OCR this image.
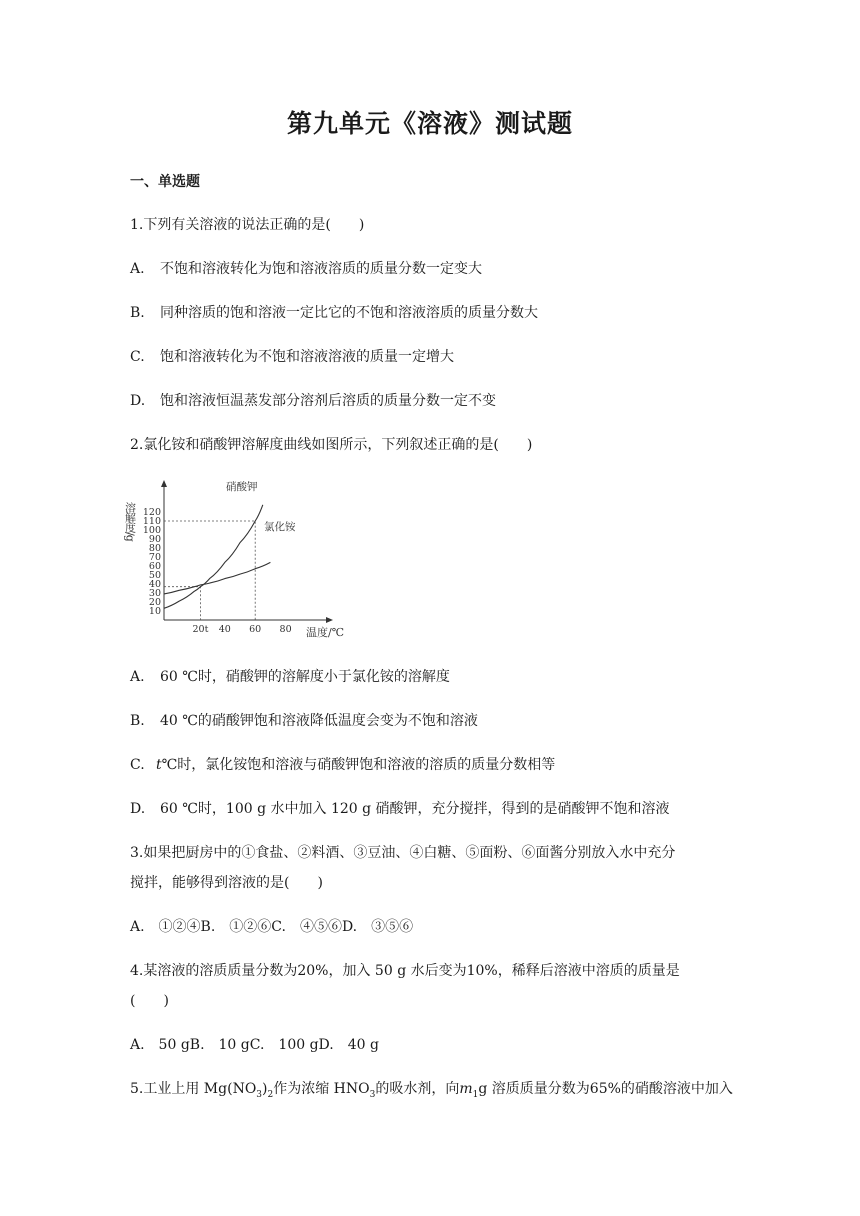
第九单元《溶液》测试题
一、单选题
1.下列有关溶液的说法正确的是(　　)
A. 不饱和溶液转化为饱和溶液溶质的质量分数一定变大
B. 同种溶质的饱和溶液一定比它的不饱和溶液溶质的质量分数大
C. 饱和溶液转化为不饱和溶液溶液的质量一定增大
D. 饱和溶液恒温蒸发部分溶剂后溶质的质量分数一定不变
2.氯化铵和硝酸钾溶解度曲线如图所示，下列叙述正确的是(　　)
溶解度/g
10
20
30
40
50
60
70
80
90
100
110
120
20t 40 60 80
硝酸钾
氯化铵
温度/℃
A. 60 ℃时，硝酸钾的溶解度小于氯化铵的溶解度
B. 40 ℃的硝酸钾饱和溶液降低温度会变为不饱和溶液
C. t℃时，氯化铵饱和溶液与硝酸钾饱和溶液的溶质的质量分数相等
D. 60 ℃时，100 g 水中加入 120 g 硝酸钾，充分搅拌，得到的是硝酸钾不饱和溶液
3.如果把厨房中的①食盐、②料酒、③豆油、④白糖、⑤面粉、⑥面酱分别放入水中充分
搅拌，能够得到溶液的是(　　)
A.　①②④B.　①②⑥C.　④⑤⑥D.　③⑤⑥
4.某溶液的溶质质量分数为20%，加入 50 g 水后变为10%，稀释后溶液中溶质的质量是
(　　)
A.　50 gB.　10 gC.　100 gD.　40 g
5.工业上用 $Mg(NO_3)_2$作为浓缩 $HNO_3$的吸水剂，向$m_1g$ 溶质质量分数为65%的硝酸溶液中加入
